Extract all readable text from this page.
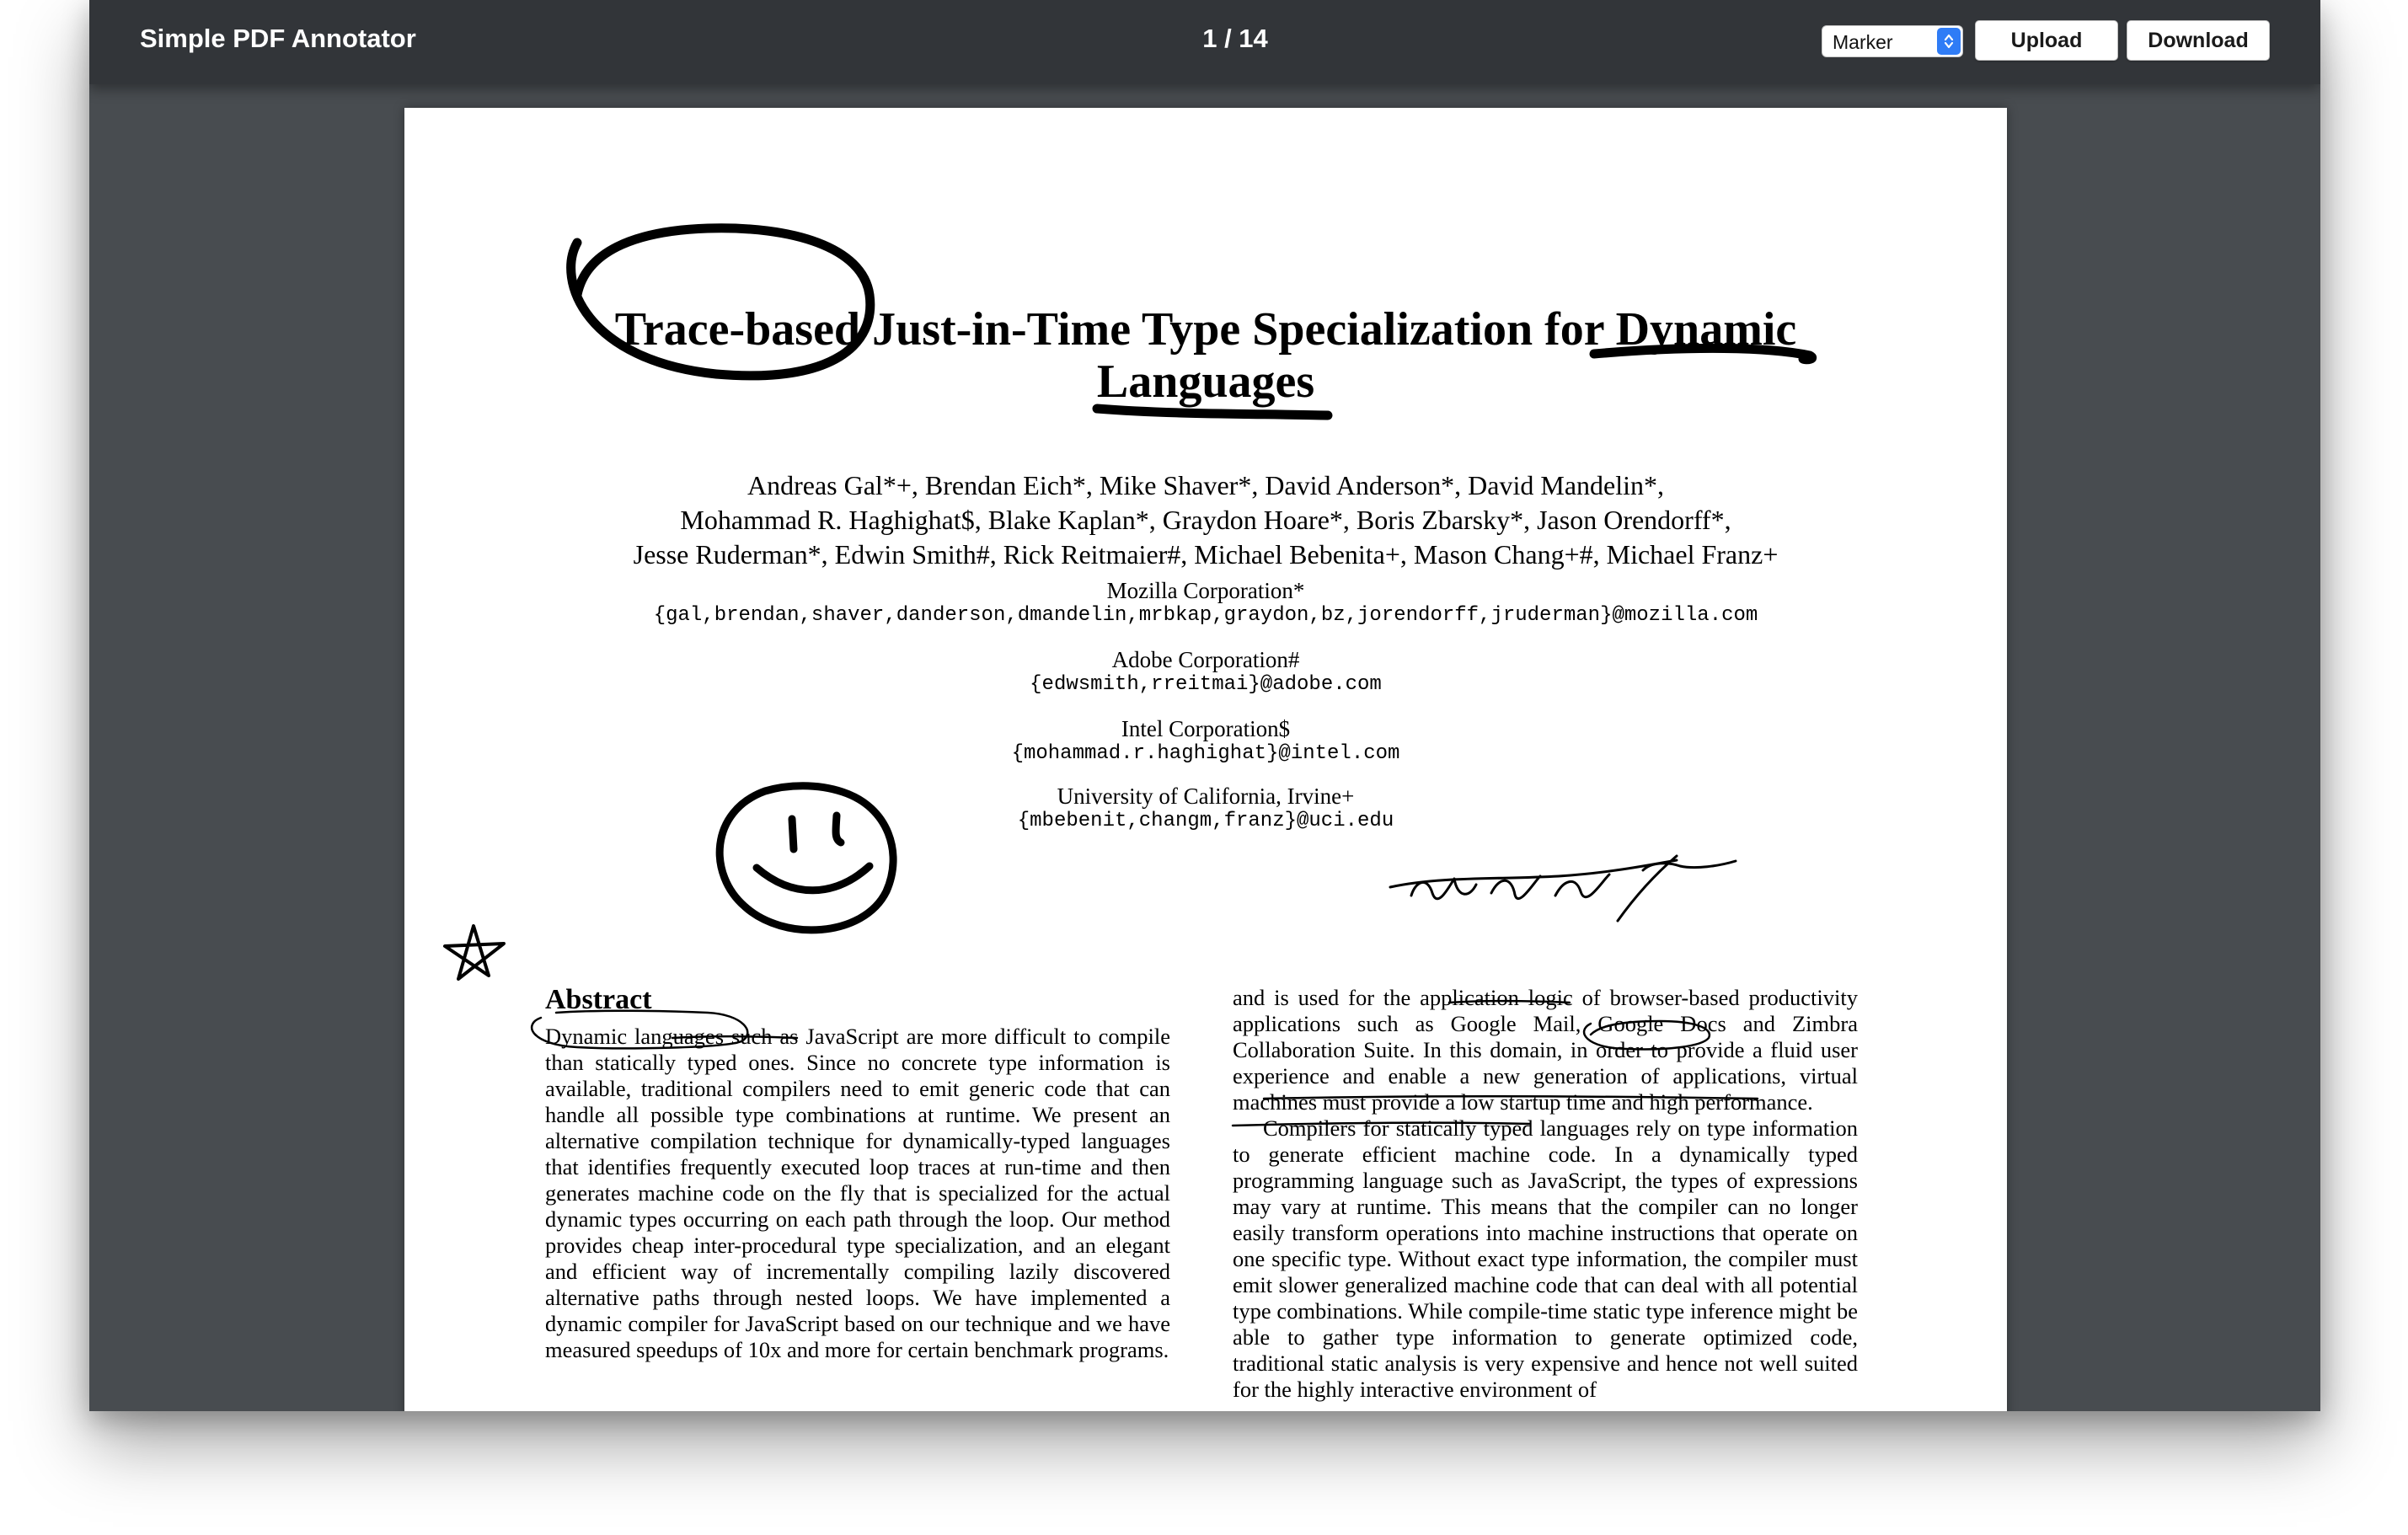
Simple PDF Annotator	1 / 14	Marker	Upload	Download
Trace-based Just-in-Time Type Specialization for Dynamic
Languages
Andreas Gal*+, Brendan Eich*, Mike Shaver*, David Anderson*, David Mandelin*,
Mohammad R. Haghighat$, Blake Kaplan*, Graydon Hoare*, Boris Zbarsky*, Jason Orendorff*,
Jesse Ruderman*, Edwin Smith#, Rick Reitmaier#, Michael Bebenita+, Mason Chang+#, Michael Franz+
Mozilla Corporation*
{gal,brendan,shaver,danderson,dmandelin,mrbkap,graydon,bz,jorendorff,jruderman}@mozilla.com
Adobe Corporation#
{edwsmith,rreitmai}@adobe.com
Intel Corporation$
{mohammad.r.haghighat}@intel.com
University of California, Irvine+
{mbebenit,changm,franz}@uci.edu
Abstract

Dynamic languages such as JavaScript are more difficult to compile than statically typed ones. Since no concrete type information is available, traditional compilers need to emit generic code that can handle all possible type combinations at runtime. We present an alternative compilation technique for dynamically-typed languages that identifies frequently executed loop traces at run-time and then generates machine code on the fly that is specialized for the actual dynamic types occurring on each path through the loop. Our method provides cheap inter-procedural type specialization, and an elegant and efficient way of incrementally compiling lazily discovered alternative paths through nested loops. We have implemented a dynamic compiler for JavaScript based on our technique and we have measured speedups of 10x and more for certain benchmark programs.

and is used for the application logic of browser-based productivity applications such as Google Mail, Google Docs and Zimbra Collaboration Suite. In this domain, in order to provide a fluid user experience and enable a new generation of applications, virtual machines must provide a low startup time and high performance.

Compilers for statically typed languages rely on type information to generate efficient machine code. In a dynamically typed programming language such as JavaScript, the types of expressions may vary at runtime. This means that the compiler can no longer easily transform operations into machine instructions that operate on one specific type. Without exact type information, the compiler must emit slower generalized machine code that can deal with all potential type combinations. While compile-time static type inference might be able to gather type information to generate optimized code, traditional static analysis is very expensive and hence not well suited for the highly interactive environment of
